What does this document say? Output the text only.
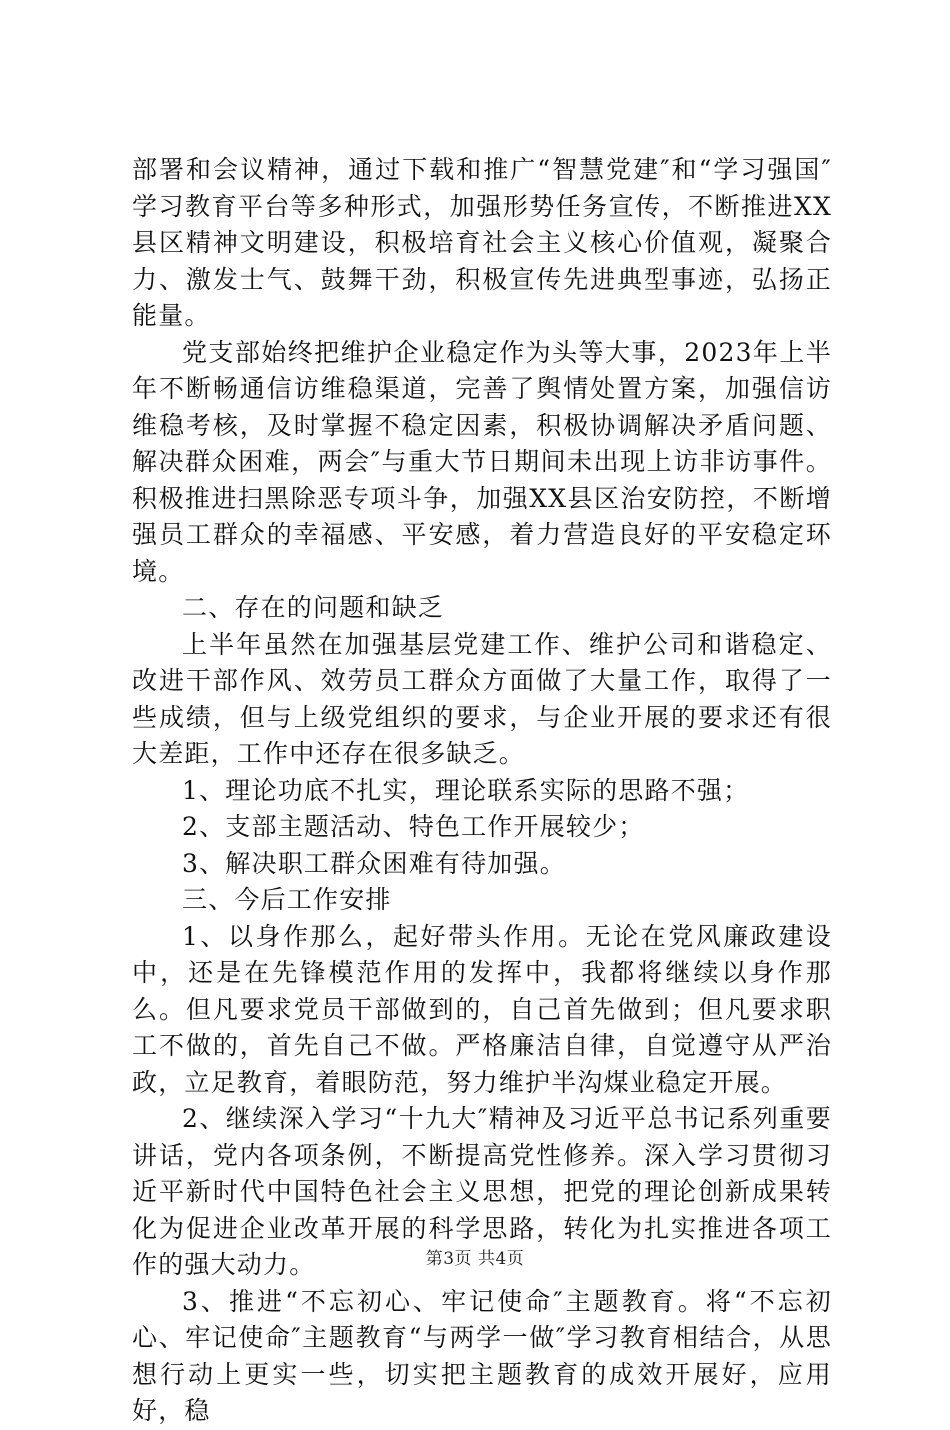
部署和会议精神，通过下载和推广“智慧党建″和“学习强国″学习教育平台等多种形式，加强形势任务宣传，不断推进XX县区精神文明建设，积极培育社会主义核心价值观，凝聚合力、激发士气、鼓舞干劲，积极宣传先进典型事迹，弘扬正能量。

党支部始终把维护企业稳定作为头等大事，2023年上半年不断畅通信访维稳渠道，完善了舆情处置方案，加强信访维稳考核，及时掌握不稳定因素，积极协调解决矛盾问题、解决群众困难，两会″与重大节日期间未出现上访非访事件。积极推进扫黑除恶专项斗争，加强XX县区治安防控，不断增强员工群众的幸福感、平安感，着力营造良好的平安稳定环境。

二、存在的问题和缺乏

上半年虽然在加强基层党建工作、维护公司和谐稳定、改进干部作风、效劳员工群众方面做了大量工作，取得了一些成绩，但与上级党组织的要求，与企业开展的要求还有很大差距，工作中还存在很多缺乏。

1、理论功底不扎实，理论联系实际的思路不强；

2、支部主题活动、特色工作开展较少；

3、解决职工群众困难有待加强。

三、今后工作安排

1、以身作那么，起好带头作用。无论在党风廉政建设中，还是在先锋模范作用的发挥中，我都将继续以身作那么。但凡要求党员干部做到的，自己首先做到；但凡要求职工不做的，首先自己不做。严格廉洁自律，自觉遵守从严治政，立足教育，着眼防范，努力维护半沟煤业稳定开展。

2、继续深入学习“十九大″精神及习近平总书记系列重要讲话，党内各项条例，不断提高党性修养。深入学习贯彻习近平新时代中国特色社会主义思想，把党的理论创新成果转化为促进企业改革开展的科学思路，转化为扎实推进各项工作的强大动力。

3、推进“不忘初心、牢记使命″主题教育。将“不忘初心、牢记使命″主题教育“与两学一做″学习教育相结合，从思想行动上更实一些，切实把主题教育的成效开展好，应用好，稳

第3页 共4页
